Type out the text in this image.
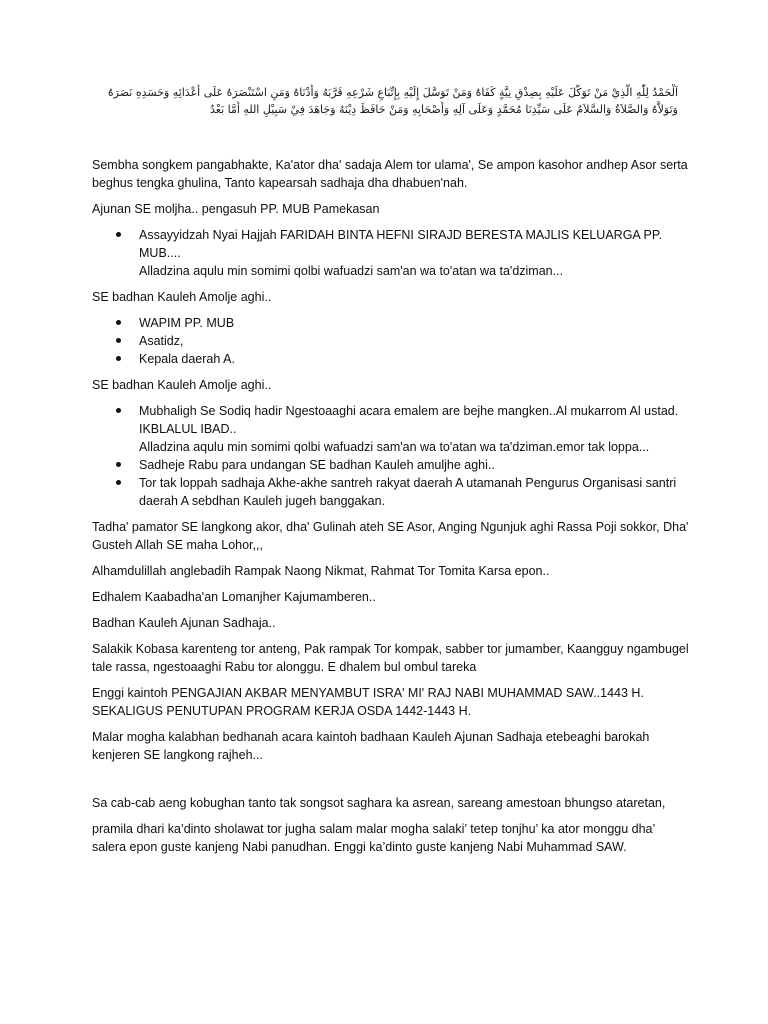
اَلْحَمْدُ لِلّٰهِ الَّذِيْ مَنْ تَوَكَّلَ عَلَيْهِ بِصِدْقِ نِيَّةٍ كَفَاهُ وَمَنْ تَوَسَّلَ إِلَيْهِ بِإِتِّبَاعِ شَرْعِهِ قَرَّبَهُ وَأَدْنَاهُ وَمَنِ اسْتَنْصَرَهُ عَلَى أَعْدَائِهِ وَحَسَدِهِ نَصَرَهُ
وَتَوَلاَّهُ وَالصَّلاَةُ وَالسَّلاَمُ عَلَى سَيِّدِنَا مُحَمَّدٍ وَعَلَى آلِهِ وَأَصْحَابِهِ وَمَنْ حَافَظَ دِيْنَهُ وَجَاهَدَ فِيْ سَبِيْلِ اللهِ أَمَّا بَعْدُ

Sembha songkem pangabhakte, Ka'ator dha' sadaja Alem tor ulama', Se ampon kasohor andhep Asor serta beghus tengka ghulina, Tanto kapearsah sadhaja dha dhabuen'nah.

Ajunan SE moljha.. pengasuh PP. MUB Pamekasan

Assayyidzah Nyai Hajjah FARIDAH BINTA HEFNI SIRAJD BERESTA MAJLIS KELUARGA PP. MUB....
Alladzina aqulu min somimi qolbi wafuadzi sam'an wa to'atan wa ta'dziman...

SE badhan Kauleh Amolje aghi..

WAPIM PP. MUB
Asatidz,
Kepala daerah A.

SE badhan Kauleh Amolje aghi..

Mubhaligh Se Sodiq hadir Ngestoaaghi acara emalem are bejhe mangken..Al mukarrom Al ustad. IKBLALUL IBAD..
Alladzina aqulu min somimi qolbi wafuadzi sam'an wa to'atan wa ta'dziman.emor tak loppa...
Sadheje Rabu para undangan SE badhan Kauleh amuljhe aghi..
Tor tak loppah sadhaja Akhe-akhe santreh rakyat daerah A utamanah Pengurus Organisasi santri daerah A sebdhan Kauleh jugeh banggakan.

Tadha' pamator SE langkong akor, dha' Gulinah ateh SE Asor, Anging Ngunjuk aghi Rassa Poji sokkor, Dha' Gusteh Allah SE maha Lohor,,,

Alhamdulillah anglebadih Rampak Naong Nikmat, Rahmat Tor Tomita Karsa epon..

Edhalem Kaabadha'an Lomanjher Kajumamberen..

Badhan Kauleh Ajunan Sadhaja..

Salakik Kobasa karenteng tor anteng, Pak rampak Tor kompak, sabber tor jumamber, Kaangguy ngambugel tale rassa, ngestoaaghi Rabu tor alonggu. E dhalem bul ombul tareka

Enggi kaintoh PENGAJIAN AKBAR MENYAMBUT ISRA' MI' RAJ NABI MUHAMMAD SAW..1443 H. SEKALIGUS PENUTUPAN PROGRAM KERJA OSDA 1442-1443 H.

Malar mogha kalabhan bedhanah acara kaintoh badhaan Kauleh Ajunan Sadhaja etebeaghi barokah kenjeren SE langkong rajheh...

Sa cab-cab aeng kobughan tanto tak songsot saghara ka asrean, sareang amestoan bhungso ataretan,

pramila dhari ka’dinto sholawat tor jugha salam malar mogha salaki’ tetep tonjhu’ ka ator monggu dha’ salera epon guste kanjeng Nabi panudhan. Enggi ka’dinto guste kanjeng Nabi Muhammad SAW.
